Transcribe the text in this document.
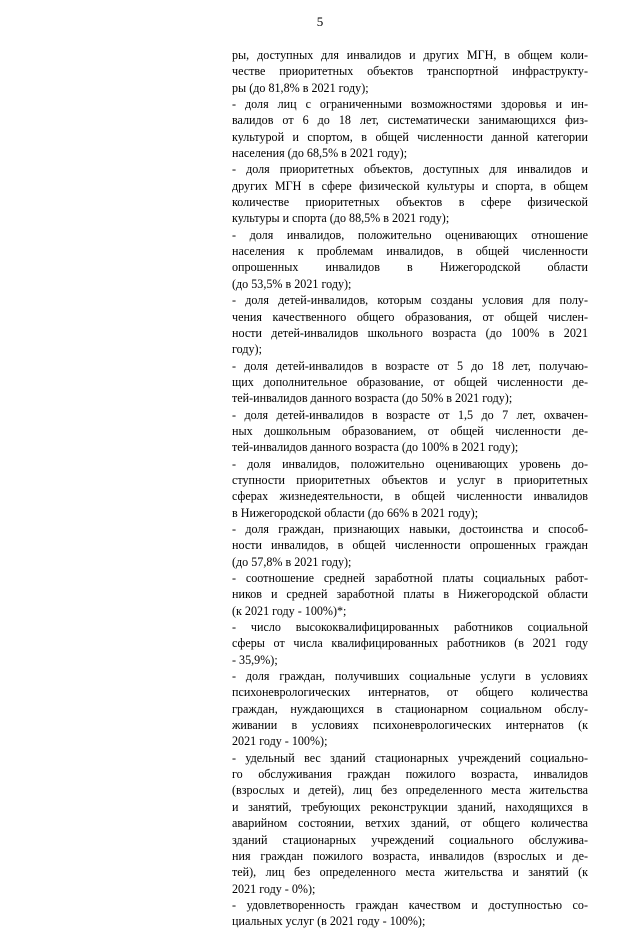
5
ры, доступных для инвалидов и других МГН, в общем коли-
честве приоритетных объектов транспортной инфраструкту-
ры (до 81,8% в 2021 году);
- доля лиц с ограниченными возможностями здоровья и ин-
валидов от 6 до 18 лет, систематически занимающихся физ-
культурой и спортом, в общей численности данной категории
населения (до 68,5% в 2021 году);
- доля приоритетных объектов, доступных для инвалидов и
других МГН в сфере физической культуры и спорта, в общем
количестве приоритетных объектов в сфере физической
культуры и спорта (до 88,5% в 2021 году);
- доля инвалидов, положительно оценивающих отношение
населения к проблемам инвалидов, в общей численности
опрошенных инвалидов в Нижегородской области
(до 53,5% в 2021 году);
- доля детей-инвалидов, которым созданы условия для полу-
чения качественного общего образования, от общей числен-
ности детей-инвалидов школьного возраста (до 100% в 2021
году);
- доля детей-инвалидов в возрасте от 5 до 18 лет, получаю-
щих дополнительное образование, от общей численности де-
тей-инвалидов данного возраста (до 50% в 2021 году);
- доля детей-инвалидов в возрасте от 1,5 до 7 лет, охвачен-
ных дошкольным образованием, от общей численности де-
тей-инвалидов данного возраста (до 100% в 2021 году);
- доля инвалидов, положительно оценивающих уровень до-
ступности приоритетных объектов и услуг в приоритетных
сферах жизнедеятельности, в общей численности инвалидов
в Нижегородской области (до 66% в 2021 году);
- доля граждан, признающих навыки, достоинства и способ-
ности инвалидов, в общей численности опрошенных граждан
(до 57,8% в 2021 году);
- соотношение средней заработной платы социальных работ-
ников и средней заработной платы в Нижегородской области
(к 2021 году - 100%)*;
- число высококвалифицированных работников социальной
сферы от числа квалифицированных работников (в 2021 году
- 35,9%);
- доля граждан, получивших социальные услуги в условиях
психоневрологических интернатов, от общего количества
граждан, нуждающихся в стационарном социальном обслу-
живании в условиях психоневрологических интернатов (к
2021 году - 100%);
- удельный вес зданий стационарных учреждений социально-
го обслуживания граждан пожилого возраста, инвалидов
(взрослых и детей), лиц без определенного места жительства
и занятий, требующих реконструкции зданий, находящихся в
аварийном состоянии, ветхих зданий, от общего количества
зданий стационарных учреждений социального обслужива-
ния граждан пожилого возраста, инвалидов (взрослых и де-
тей), лиц без определенного места жительства и занятий (к
2021 году - 0%);
- удовлетворенность граждан качеством и доступностью со-
циальных услуг (в 2021 году - 100%);
